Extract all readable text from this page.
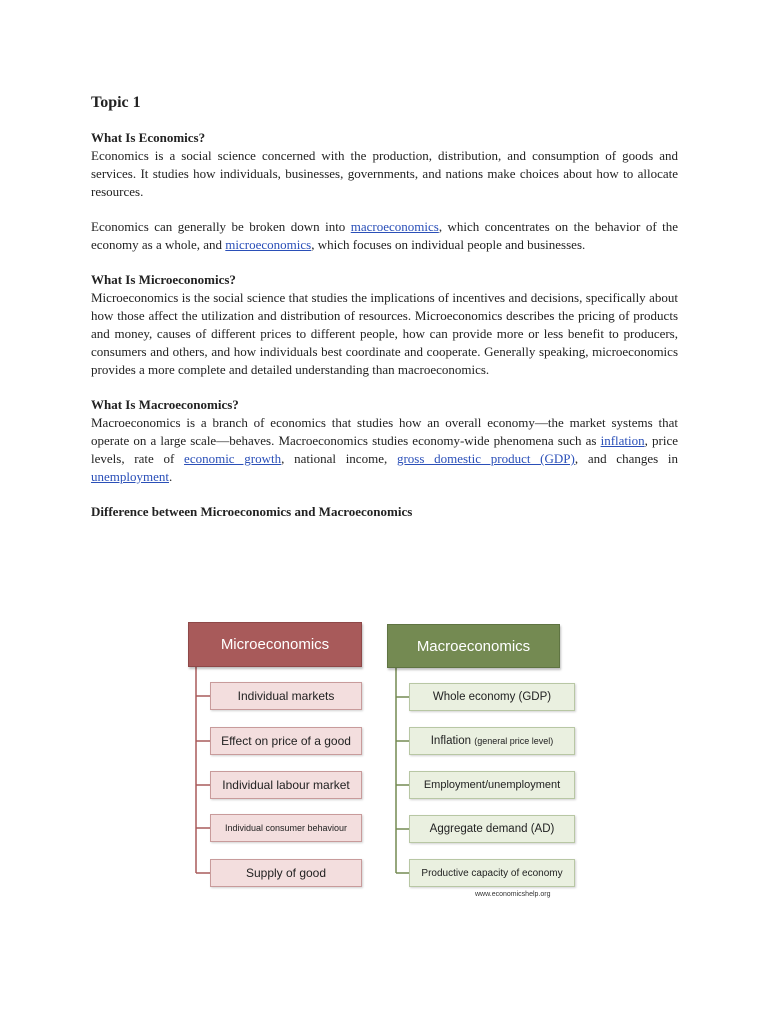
Topic 1
What Is Economics?

Economics is a social science concerned with the production, distribution, and consumption of goods and services. It studies how individuals, businesses, governments, and nations make choices about how to allocate resources.

Economics can generally be broken down into macroeconomics, which concentrates on the behavior of the economy as a whole, and microeconomics, which focuses on individual people and businesses.

What Is Microeconomics?

Microeconomics is the social science that studies the implications of incentives and decisions, specifically about how those affect the utilization and distribution of resources. Microeconomics describes the pricing of products and money, causes of different prices to different people, how can provide more or less benefit to producers, consumers and others, and how individuals best coordinate and cooperate. Generally speaking, microeconomics provides a more complete and detailed understanding than macroeconomics.

What Is Macroeconomics?

Macroeconomics is a branch of economics that studies how an overall economy—the market systems that operate on a large scale—behaves. Macroeconomics studies economy-wide phenomena such as inflation, price levels, rate of economic growth, national income, gross domestic product (GDP), and changes in unemployment.

Difference between Microeconomics and Macroeconomics
Microeconomics	Macroeconomics
Individual markets
Effect on price of a good
Individual labour market
Individual consumer behaviour
Supply of good
Whole economy (GDP)
Inflation
(general price level)
Employment/unemployment
Aggregate demand (AD)
Productive capacity of economy
www.economicshelp.org
